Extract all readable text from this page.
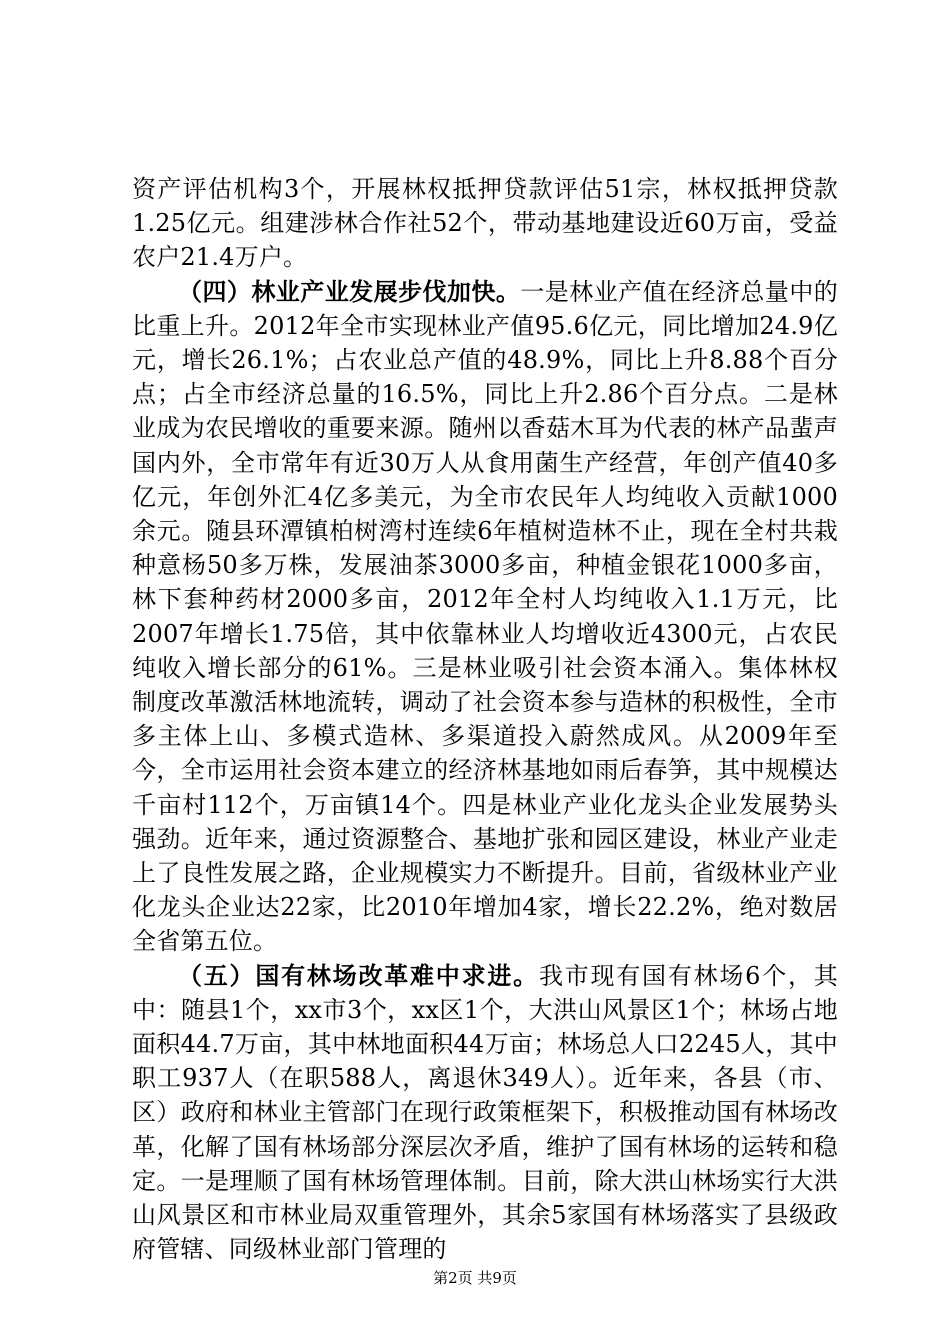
资产评估机构3个，开展林权抵押贷款评估51宗，林权抵押贷款1.25亿元。组建涉林合作社52个，带动基地建设近60万亩，受益农户21.4万户。

（四）林业产业发展步伐加快。一是林业产值在经济总量中的比重上升。2012年全市实现林业产值95.6亿元，同比增加24.9亿元，增长26.1%；占农业总产值的48.9%，同比上升8.88个百分点；占全市经济总量的16.5%，同比上升2.86个百分点。二是林业成为农民增收的重要来源。随州以香菇木耳为代表的林产品蜚声国内外，全市常年有近30万人从食用菌生产经营，年创产值40多亿元，年创外汇4亿多美元，为全市农民年人均纯收入贡献1000余元。随县环潭镇柏树湾村连续6年植树造林不止，现在全村共栽种意杨50多万株，发展油茶3000多亩，种植金银花1000多亩，林下套种药材2000多亩，2012年全村人均纯收入1.1万元，比2007年增长1.75倍，其中依靠林业人均增收近4300元，占农民纯收入增长部分的61%。三是林业吸引社会资本涌入。集体林权制度改革激活林地流转，调动了社会资本参与造林的积极性，全市多主体上山、多模式造林、多渠道投入蔚然成风。从2009年至今，全市运用社会资本建立的经济林基地如雨后春笋，其中规模达千亩村112个，万亩镇14个。四是林业产业化龙头企业发展势头强劲。近年来，通过资源整合、基地扩张和园区建设，林业产业走上了良性发展之路，企业规模实力不断提升。目前，省级林业产业化龙头企业达22家，比2010年增加4家，增长22.2%，绝对数居全省第五位。

（五）国有林场改革难中求进。我市现有国有林场6个，其中：随县1个，xx市3个，xx区1个，大洪山风景区1个；林场占地面积44.7万亩，其中林地面积44万亩；林场总人口2245人，其中职工937人（在职588人，离退休349人）。近年来，各县（市、区）政府和林业主管部门在现行政策框架下，积极推动国有林场改革，化解了国有林场部分深层次矛盾，维护了国有林场的运转和稳定。一是理顺了国有林场管理体制。目前，除大洪山林场实行大洪山风景区和市林业局双重管理外，其余5家国有林场落实了县级政府管辖、同级林业部门管理的

第2页 共9页
